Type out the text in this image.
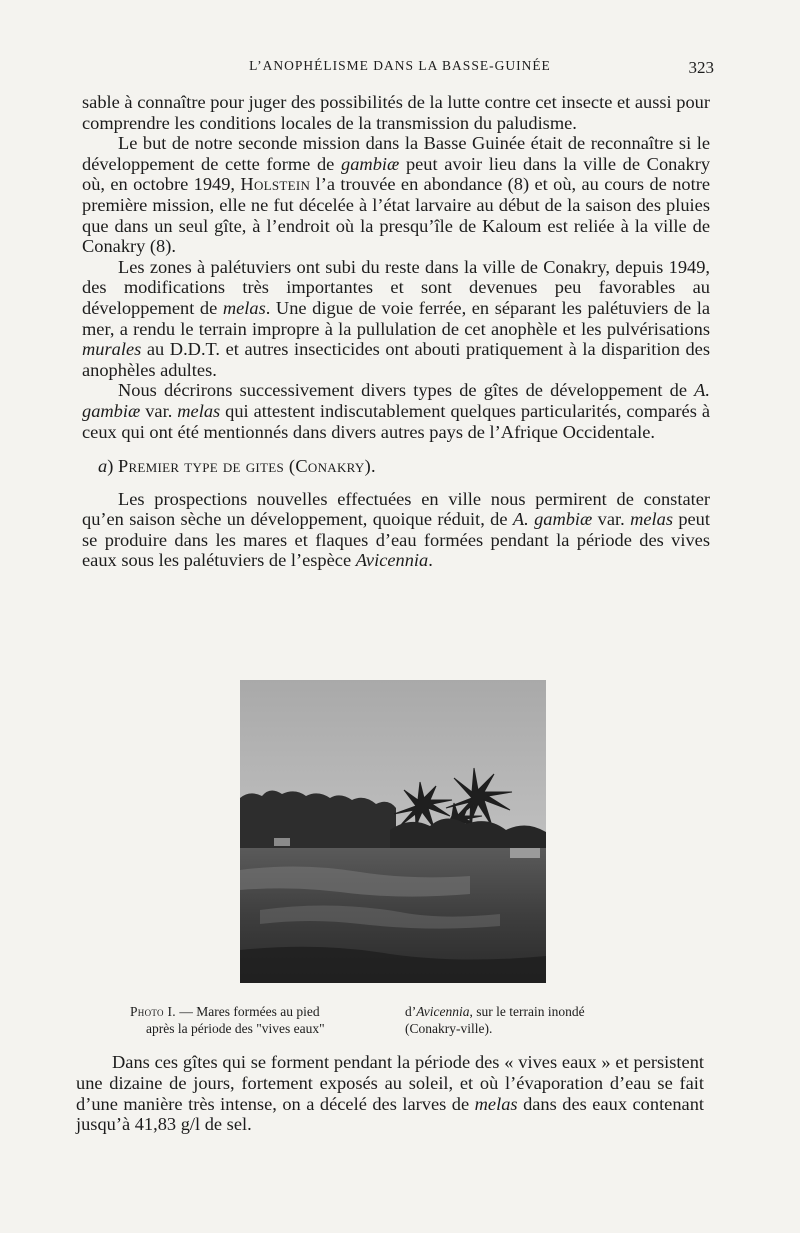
L’ANOPHÉLISME DANS LA BASSE-GUINÉE	323

sable à connaître pour juger des possibilités de la lutte contre cet insecte et aussi pour comprendre les conditions locales de la transmission du paludisme.

Le but de notre seconde mission dans la Basse Guinée était de reconnaître si le développement de cette forme de gambiæ peut avoir lieu dans la ville de Conakry où, en octobre 1949, Holstein l’a trouvée en abondance (8) et où, au cours de notre première mission, elle ne fut décelée à l’état larvaire au début de la saison des pluies que dans un seul gîte, à l’endroit où la presqu’île de Kaloum est reliée à la ville de Conakry (8).

Les zones à palétuviers ont subi du reste dans la ville de Conakry, depuis 1949, des modifications très importantes et sont devenues peu favorables au développement de melas. Une digue de voie ferrée, en séparant les palétuviers de la mer, a rendu le terrain impropre à la pullulation de cet anophèle et les pulvérisations murales au D.D.T. et autres insecticides ont abouti pratiquement à la disparition des anophèles adultes.

Nous décrirons successivement divers types de gîtes de développement de A. gambiæ var. melas qui attestent indiscutablement quelques particularités, comparés à ceux qui ont été mentionnés dans divers autres pays de l’Afrique Occidentale.

a) Premier type de gites (Conakry).

Les prospections nouvelles effectuées en ville nous permirent de constater qu’en saison sèche un développement, quoique réduit, de A. gambiæ var. melas peut se produire dans les mares et flaques d’eau formées pendant la période des vives eaux sous les palétuviers de l’espèce Avicennia.

Photo I. — Mares formées au pied	d’Avicennia, sur le terrain inondé
après la période des "vives eaux"	(Conakry-ville).

Dans ces gîtes qui se forment pendant la période des « vives eaux » et persistent une dizaine de jours, fortement exposés au soleil, et où l’évaporation d’eau se fait d’une manière très intense, on a décelé des larves de melas dans des eaux contenant jusqu’à 41,83 g/l de sel.
